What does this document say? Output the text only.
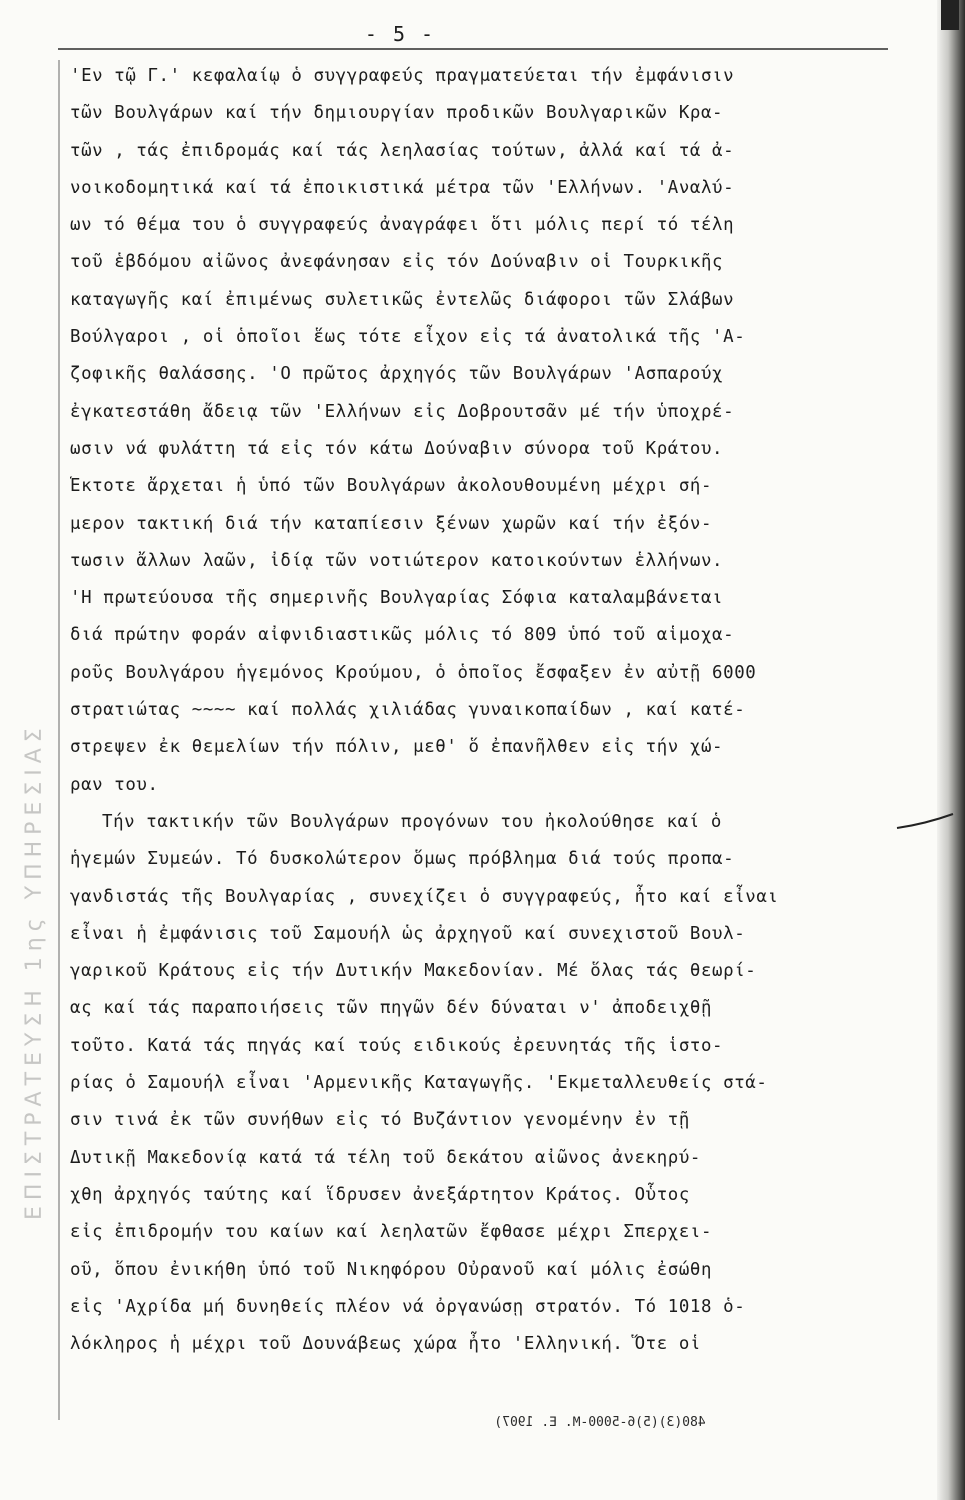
ΕΠΙΣΤΡΑΤΕΥΣΗ 1ης ΥΠΗΡΕΣΙΑΣ
- 5 -
'Εν τῷ Γ.' κεφαλαίῳ ὁ συγγραφεύς πραγματεύεται τήν ἐμφάνισιν
τῶν Βουλγάρων καί τήν δημιουργίαν προδικῶν Βουλγαρικῶν Κρα-
τῶν , τάς ἐπιδρομάς καί τάς λεηλασίας τούτων, ἀλλά καί τά ἀ-
νοικοδομητικά καί τά ἐποικιστικά μέτρα τῶν 'Ελλήνων. 'Αναλύ-
ων τό θέμα του ὁ συγγραφεύς ἀναγράφει ὅτι μόλις περί τό τέλη
τοῦ ἑβδόμου αἰῶνος ἀνεφάνησαν εἰς τόν Δούναβιν οἱ Τουρκικῆς
καταγωγῆς καί ἐπιμένως συλετικῶς ἐντελῶς διάφοροι τῶν Σλάβων
Βούλγαροι , οἱ ὁποῖοι ἕως τότε εἶχον εἰς τά ἀνατολικά τῆς 'Α-
ζοφικῆς θαλάσσης. 'Ο πρῶτος ἀρχηγός τῶν Βουλγάρων 'Ασπαρούχ
ἐγκατεστάθη ἄδειᾳ τῶν 'Ελλήνων εἰς Δοβρουτσᾶν μέ τήν ὑποχρέ-
ωσιν νά φυλάττη τά εἰς τόν κάτω Δούναβιν σύνορα τοῦ Κράτου.
Ἔκτοτε ἄρχεται ἡ ὑπό τῶν Βουλγάρων ἀκολουθουμένη μέχρι σή-
μερον τακτική διά τήν καταπίεσιν ξένων χωρῶν καί τήν ἐξόν-
τωσιν ἄλλων λαῶν, ἰδίᾳ τῶν νοτιώτερον κατοικούντων ἑλλήνων.
'Η πρωτεύουσα τῆς σημερινῆς Βουλγαρίας Σόφια καταλαμβάνεται
διά πρώτην φοράν αἰφνιδιαστικῶς μόλις τό 809 ὑπό τοῦ αἱμοχα-
ροῦς Βουλγάρου ἡγεμόνος Κρούμου, ὁ ὁποῖος ἔσφαξεν ἐν αὐτῇ 6000
στρατιώτας ~~~~ καί πολλάς χιλιάδας γυναικοπαίδων , καί κατέ-
στρεψεν ἐκ θεμελίων τήν πόλιν, μεθ' ὅ ἐπανῆλθεν εἰς τήν χώ-
ραν του.
Τήν τακτικήν τῶν Βουλγάρων προγόνων του ἠκολούθησε καί ὁ
ἡγεμών Συμεών. Τό δυσκολώτερον ὅμως πρόβλημα διά τούς προπα-
γανδιστάς τῆς Βουλγαρίας , συνεχίζει ὁ συγγραφεύς, ἦτο καί εἶναι
εἶναι ἡ ἐμφάνισις τοῦ Σαμουήλ ὡς ἀρχηγοῦ καί συνεχιστοῦ Βουλ-
γαρικοῦ Κράτους εἰς τήν Δυτικήν Μακεδονίαν. Μέ ὅλας τάς θεωρί-
ας καί τάς παραποιήσεις τῶν πηγῶν δέν δύναται ν' ἀποδειχθῇ
τοῦτο. Κατά τάς πηγάς καί τούς ειδικούς ἐρευνητάς τῆς ἱστο-
ρίας ὁ Σαμουήλ εἶναι 'Αρμενικῆς Καταγωγῆς. 'Εκμεταλλευθείς στά-
σιν τινά ἐκ τῶν συνήθων εἰς τό Βυζάντιον γενομένην ἐν τῇ
Δυτικῇ Μακεδονίᾳ κατά τά τέλη τοῦ δεκάτου αἰῶνος ἀνεκηρύ-
χθη ἀρχηγός ταύτης καί ἵδρυσεν ἀνεξάρτητον Κράτος. Οὗτος
εἰς ἐπιδρομήν του καίων καί λεηλατῶν ἔφθασε μέχρι Σπερχει-
οῦ, ὅπου ἐνικήθη ὑπό τοῦ Νικηφόρου Οὐρανοῦ καί μόλις ἐσώθη
εἰς 'Αχρίδα μή δυνηθείς πλέον νά ὀργανώσῃ στρατόν. Τό 1018 ὁ-
λόκληρος ἡ μέχρι τοῦ Δουνάβεως χώρα ἦτο 'Ελληνική. Ὅτε οἱ
480(3)(5)6-5000-Μ. Ε. 1907)
